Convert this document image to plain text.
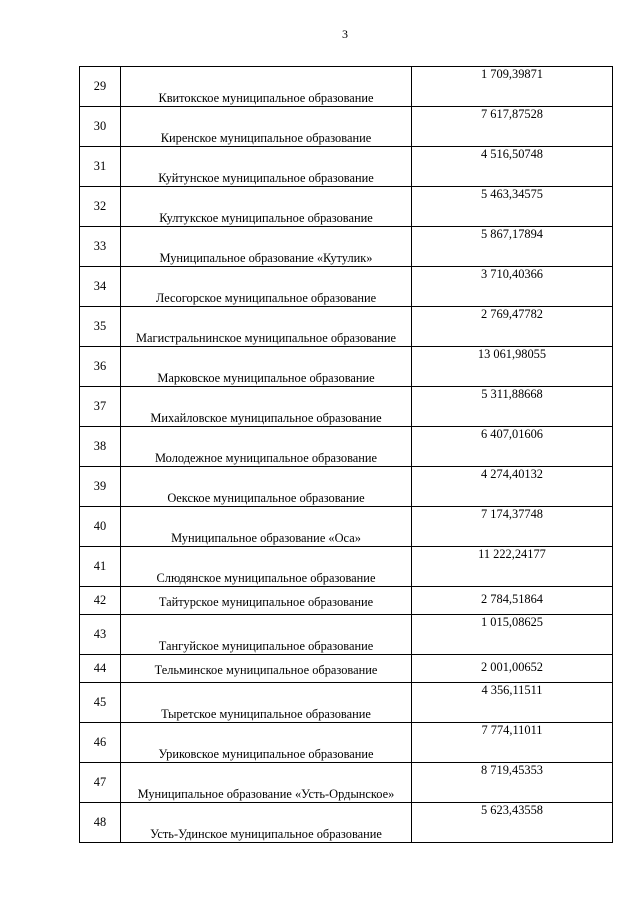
3
29	Квитокское муниципальное образование	1 709,39871
30	Киренское муниципальное образование	7 617,87528
31	Куйтунское муниципальное образование	4 516,50748
32	Култукское муниципальное образование	5 463,34575
33	Муниципальное образование «Кутулик»	5 867,17894
34	Лесогорское муниципальное образование	3 710,40366
35	Магистральнинское муниципальное образование	2 769,47782
36	Марковское муниципальное образование	13 061,98055
37	Михайловское муниципальное образование	5 311,88668
38	Молодежное муниципальное образование	6 407,01606
39	Оекское муниципальное образование	4 274,40132
40	Муниципальное образование «Оса»	7 174,37748
41	Слюдянское муниципальное образование	11 222,24177
42	Тайтурское муниципальное образование	2 784,51864
43	Тангуйское муниципальное образование	1 015,08625
44	Тельминское муниципальное образование	2 001,00652
45	Тыретское муниципальное образование	4 356,11511
46	Уриковское муниципальное образование	7 774,11011
47	Муниципальное образование «Усть-Ордынское»	8 719,45353
48	Усть-Удинское муниципальное образование	5 623,43558
